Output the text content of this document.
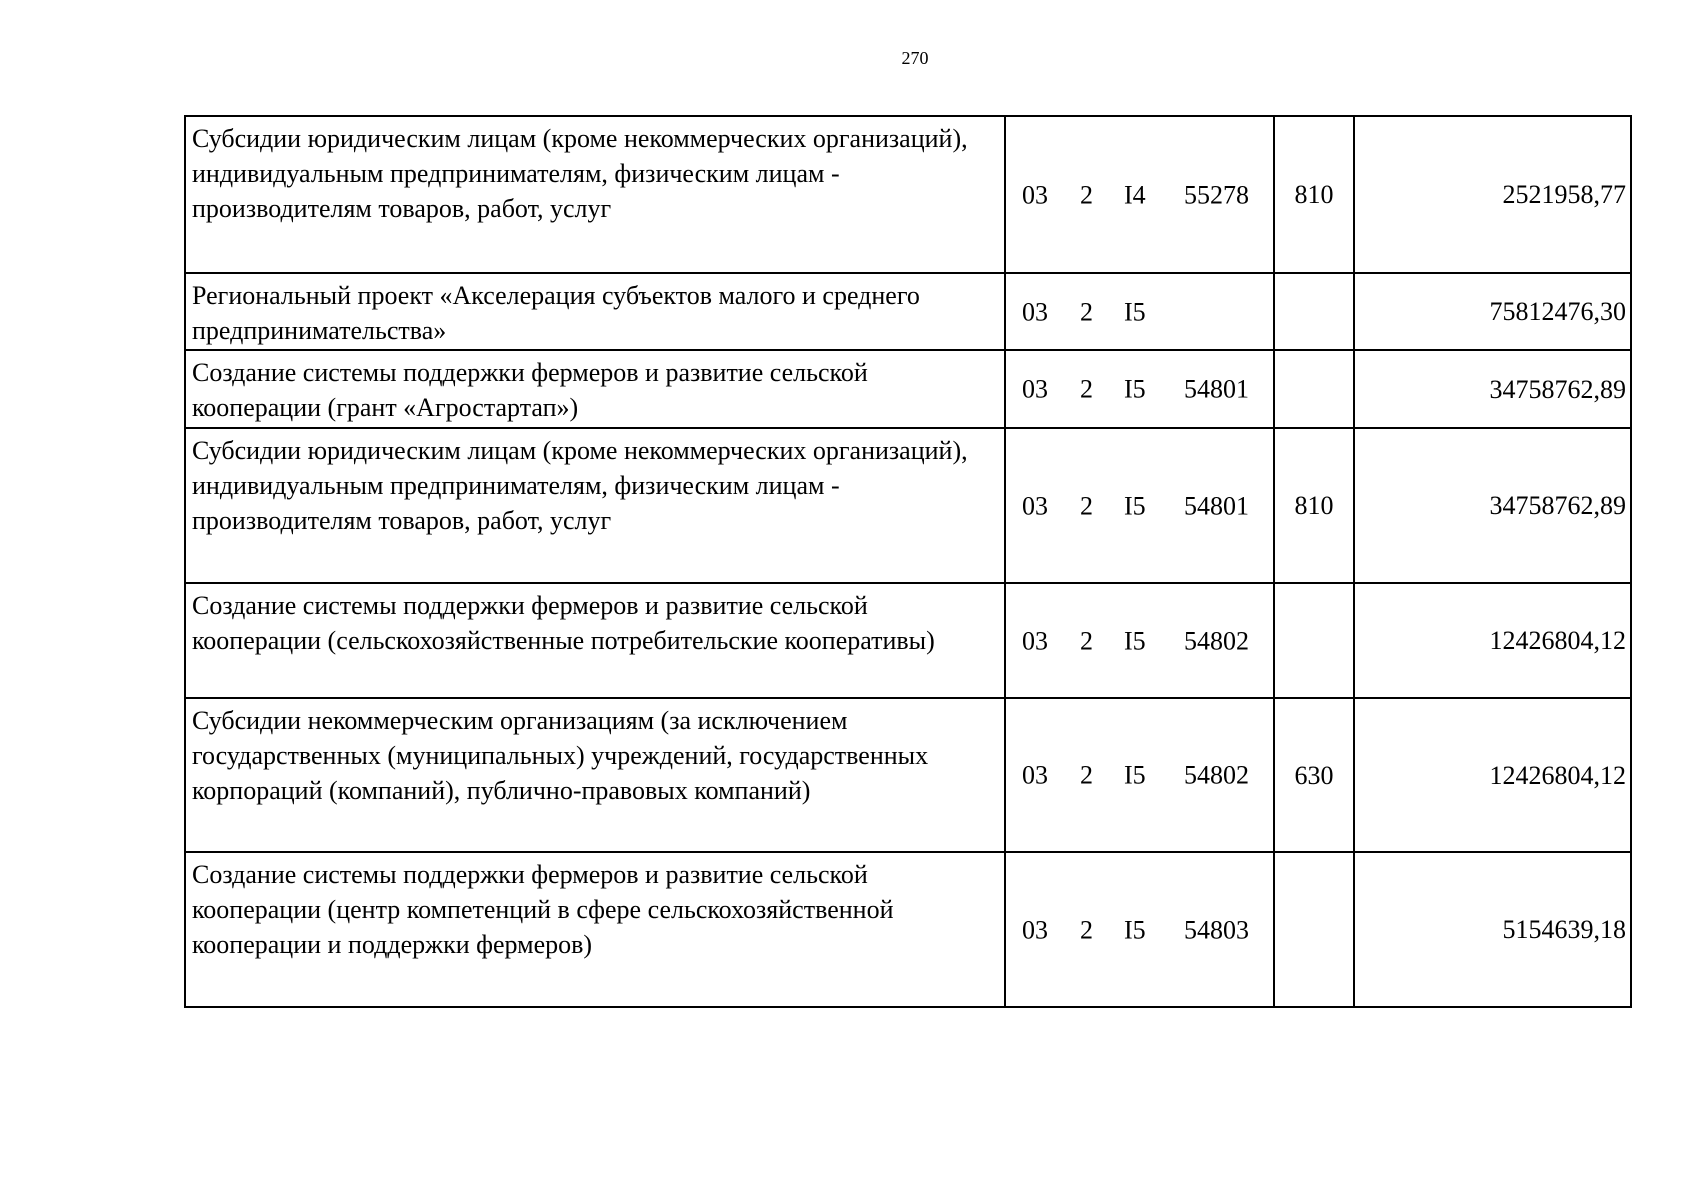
270
Субсидии юридическим лицам (кроме некоммерческих организаций), индивидуальным предпринимателям, физическим лицам - производителям товаров, работ, услуг	03 2 I4 55278	810	2521958,77
Региональный проект «Акселерация субъектов малого и среднего предпринимательства»	03 2 I5		75812476,30
Создание системы поддержки фермеров и развитие сельской кооперации (грант «Агростартап»)	03 2 I5 54801		34758762,89
Субсидии юридическим лицам (кроме некоммерческих организаций), индивидуальным предпринимателям, физическим лицам - производителям товаров, работ, услуг	03 2 I5 54801	810	34758762,89
Создание системы поддержки фермеров и развитие сельской кооперации (сельскохозяйственные потребительские кооперативы)	03 2 I5 54802		12426804,12
Субсидии некоммерческим организациям (за исключением государственных (муниципальных) учреждений, государственных корпораций (компаний), публично-правовых компаний)	03 2 I5 54802	630	12426804,12
Создание системы поддержки фермеров и развитие сельской кооперации (центр компетенций в сфере сельскохозяйственной кооперации и поддержки фермеров)	03 2 I5 54803		5154639,18
